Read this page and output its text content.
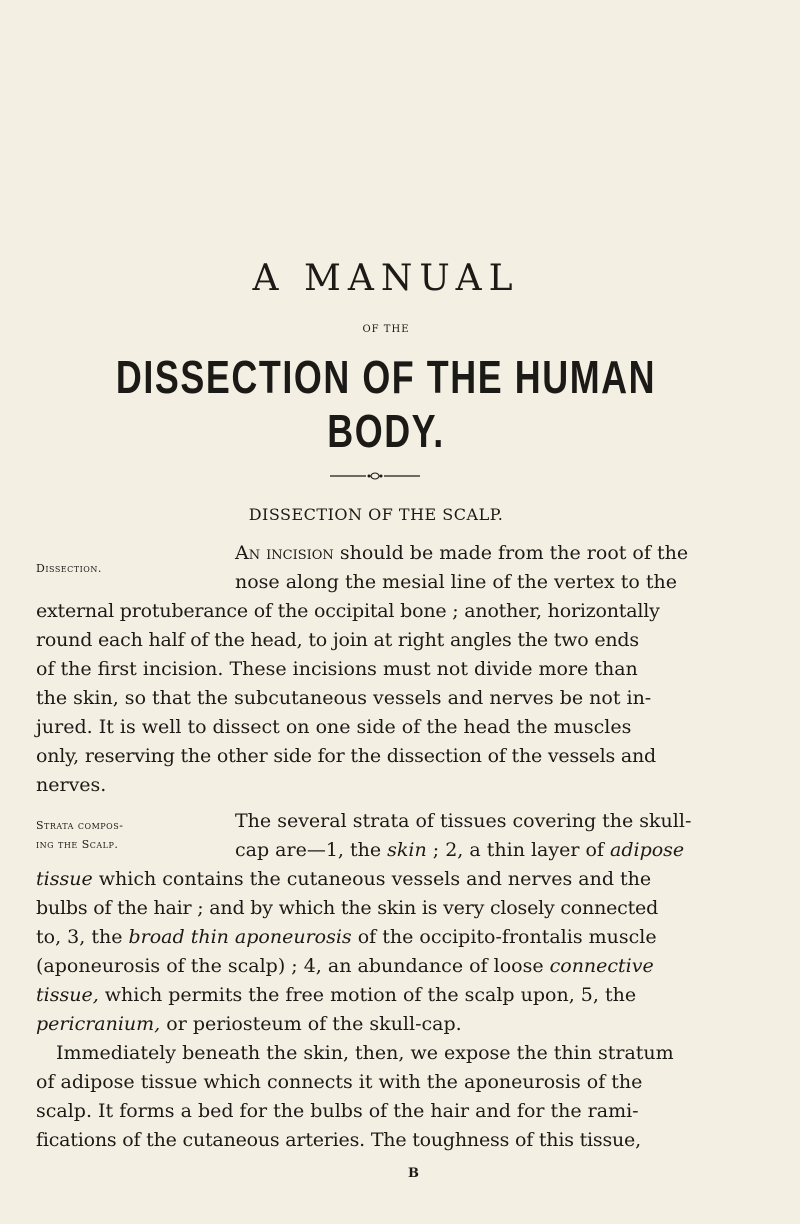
A MANUAL
OF THE
DISSECTION OF THE HUMAN BODY.
DISSECTION OF THE SCALP.
Dissection.
Strata compos-
ing the Scalp.
An incision should be made from the root of the
nose along the mesial line of the vertex to the
external protuberance of the occipital bone ; another, horizontally
round each half of the head, to join at right angles the two ends
of the first incision. These incisions must not divide more than
the skin, so that the subcutaneous vessels and nerves be not in-
jured. It is well to dissect on one side of the head the muscles
only, reserving the other side for the dissection of the vessels and
nerves.
The several strata of tissues covering the skull-
cap are—1, the skin ; 2, a thin layer of adipose
tissue which contains the cutaneous vessels and nerves and the
bulbs of the hair ; and by which the skin is very closely connected
to, 3, the broad thin aponeurosis of the occipito-frontalis muscle
(aponeurosis of the scalp) ; 4, an abundance of loose connective
tissue, which permits the free motion of the scalp upon, 5, the
pericranium, or periosteum of the skull-cap.
Immediately beneath the skin, then, we expose the thin stratum
of adipose tissue which connects it with the aponeurosis of the
scalp. It forms a bed for the bulbs of the hair and for the rami-
fications of the cutaneous arteries. The toughness of this tissue,
B
